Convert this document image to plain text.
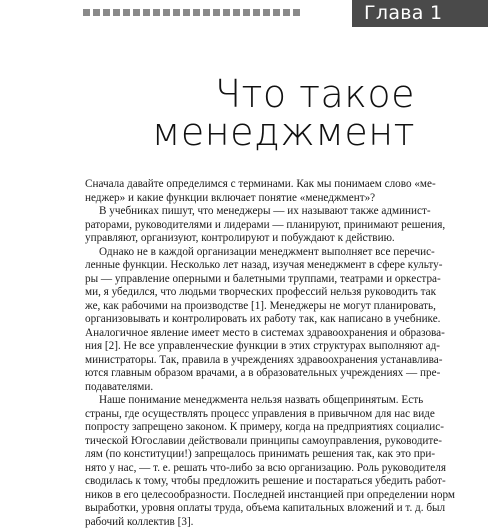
Глава 1
Что такое
менеджмент

Сначала давайте определимся с терминами. Как мы понимаем слово «ме-
неджер» и какие функции включает понятие «менеджмент»?

В учебниках пишут, что менеджеры — их называют также админист-
раторами, руководителями и лидерами — планируют, принимают решения,
управляют, организуют, контролируют и побуждают к действию.

Однако не в каждой организации менеджмент выполняет все перечис-
ленные функции. Несколько лет назад, изучая менеджмент в сфере культу-
ры — управление оперными и балетными труппами, театрами и оркестра-
ми, я убедился, что людьми творческих профессий нельзя руководить так
же, как рабочими на производстве [1]. Менеджеры не могут планировать,
организовывать и контролировать их работу так, как написано в учебнике.
Аналогичное явление имеет место в системах здравоохранения и образова-
ния [2]. Не все управленческие функции в этих структурах выполняют ад-
министраторы. Так, правила в учреждениях здравоохранения устанавлива-
ются главным образом врачами, а в образовательных учреждениях — пре-
подавателями.

Наше понимание менеджмента нельзя назвать общепринятым. Есть
страны, где осуществлять процесс управления в привычном для нас виде
попросту запрещено законом. К примеру, когда на предприятиях социалис-
тической Югославии действовали принципы самоуправления, руководите-
лям (по конституции!) запрещалось принимать решения так, как это при-
нято у нас, — т. е. решать что-либо за всю организацию. Роль руководителя
сводилась к тому, чтобы предложить решение и постараться убедить работ-
ников в его целесообразности. Последней инстанцией при определении норм
выработки, уровня оплаты труда, объема капитальных вложений и т. д. был
рабочий коллектив [3].
